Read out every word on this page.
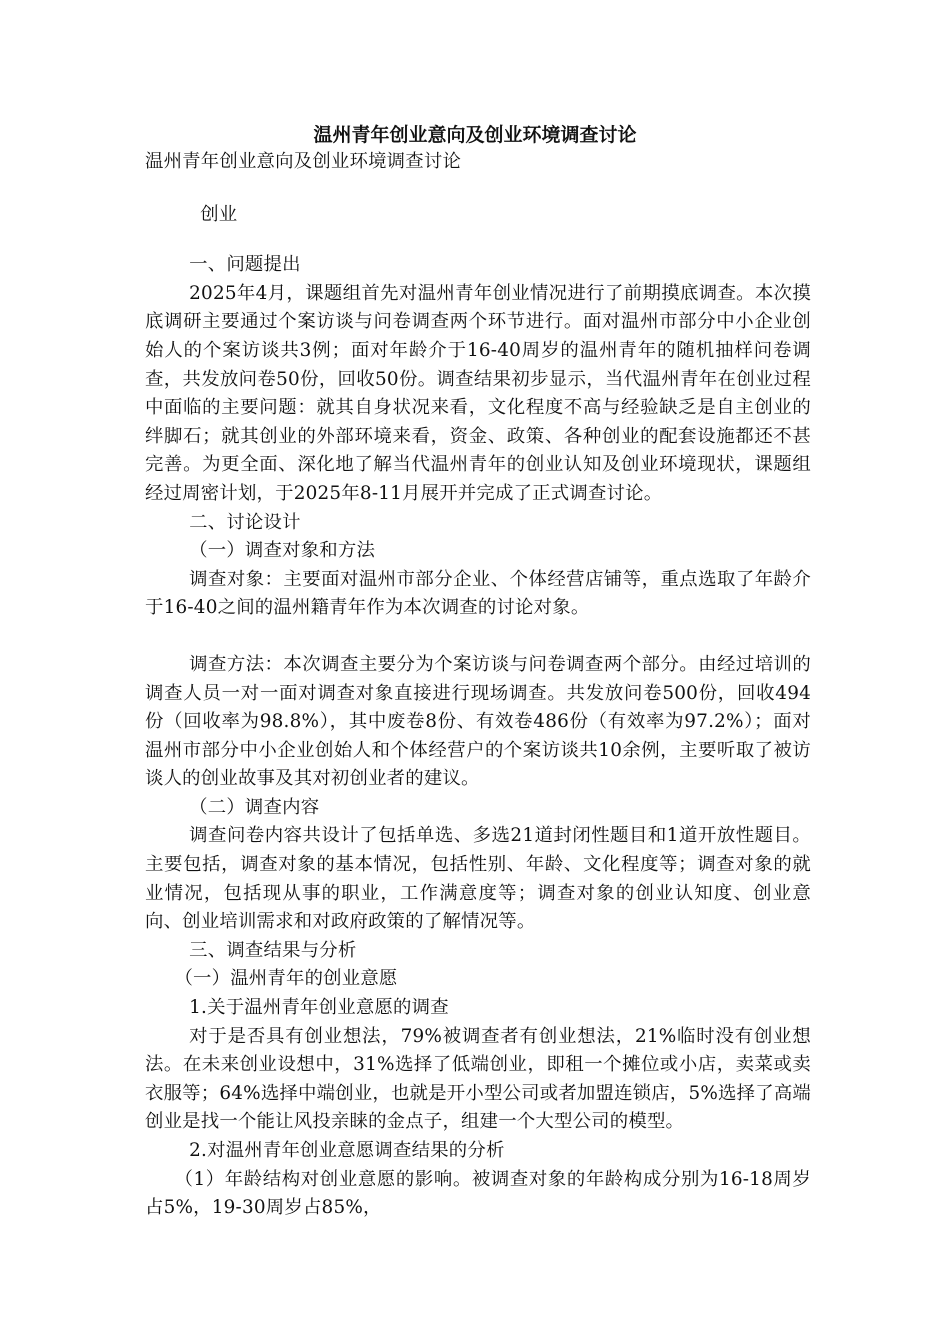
温州青年创业意向及创业环境调查讨论

温州青年创业意向及创业环境调查讨论

创业

一、问题提出

2025年4月，课题组首先对温州青年创业情况进行了前期摸底调查。本次摸底调研主要通过个案访谈与问卷调查两个环节进行。面对温州市部分中小企业创始人的个案访谈共3例；面对年龄介于16-40周岁的温州青年的随机抽样问卷调查，共发放问卷50份，回收50份。调查结果初步显示，当代温州青年在创业过程中面临的主要问题：就其自身状况来看，文化程度不高与经验缺乏是自主创业的绊脚石；就其创业的外部环境来看，资金、政策、各种创业的配套设施都还不甚完善。为更全面、深化地了解当代温州青年的创业认知及创业环境现状，课题组经过周密计划，于2025年8-11月展开并完成了正式调查讨论。

二、讨论设计

（一）调查对象和方法

调查对象：主要面对温州市部分企业、个体经营店铺等，重点选取了年龄介于16-40之间的温州籍青年作为本次调查的讨论对象。

调查方法：本次调查主要分为个案访谈与问卷调查两个部分。由经过培训的调查人员一对一面对调查对象直接进行现场调查。共发放问卷500份，回收494份（回收率为98.8%），其中废卷8份、有效卷486份（有效率为97.2%）；面对温州市部分中小企业创始人和个体经营户的个案访谈共10余例，主要听取了被访谈人的创业故事及其对初创业者的建议。

（二）调查内容

调查问卷内容共设计了包括单选、多选21道封闭性题目和1道开放性题目。主要包括，调查对象的基本情况，包括性别、年龄、文化程度等；调查对象的就业情况，包括现从事的职业，工作满意度等；调查对象的创业认知度、创业意向、创业培训需求和对政府政策的了解情况等。

三、调查结果与分析

（一）温州青年的创业意愿

1.关于温州青年创业意愿的调查

对于是否具有创业想法，79%被调查者有创业想法，21%临时没有创业想法。在未来创业设想中，31%选择了低端创业，即租一个摊位或小店，卖菜或卖衣服等；64%选择中端创业，也就是开小型公司或者加盟连锁店，5%选择了高端创业是找一个能让风投亲睐的金点子，组建一个大型公司的模型。

2.对温州青年创业意愿调查结果的分析

（1）年龄结构对创业意愿的影响。被调查对象的年龄构成分别为16-18周岁占5%，19-30周岁占85%，
